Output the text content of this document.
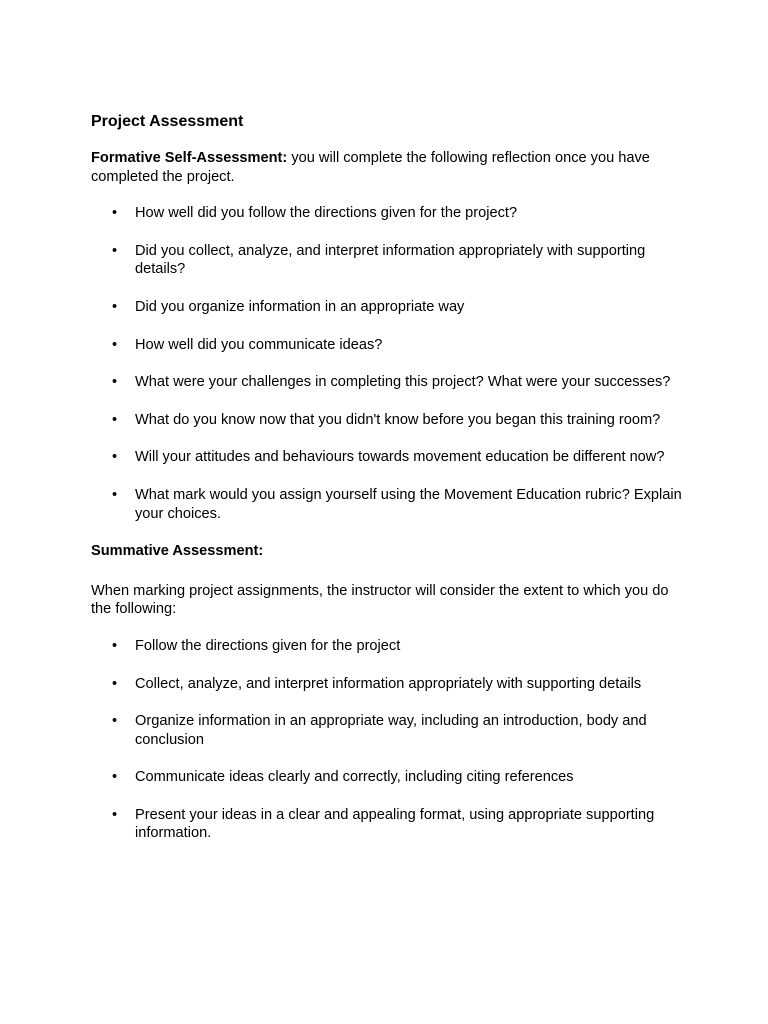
Project Assessment
Formative Self-Assessment: you will complete the following reflection once you have completed the project.
• How well did you follow the directions given for the project?
• Did you collect, analyze, and interpret information appropriately with supporting details?
• Did you organize information in an appropriate way
• How well did you communicate ideas?
• What were your challenges in completing this project? What were your successes?
• What do you know now that you didn't know before you began this training room?
• Will your attitudes and behaviours towards movement education be different now?
• What mark would you assign yourself using the Movement Education rubric? Explain your choices.
Summative Assessment:
When marking project assignments, the instructor will consider the extent to which you do the following:
• Follow the directions given for the project
• Collect, analyze, and interpret information appropriately with supporting details
• Organize information in an appropriate way, including an introduction, body and conclusion
• Communicate ideas clearly and correctly, including citing references
• Present your ideas in a clear and appealing format, using appropriate supporting information.
